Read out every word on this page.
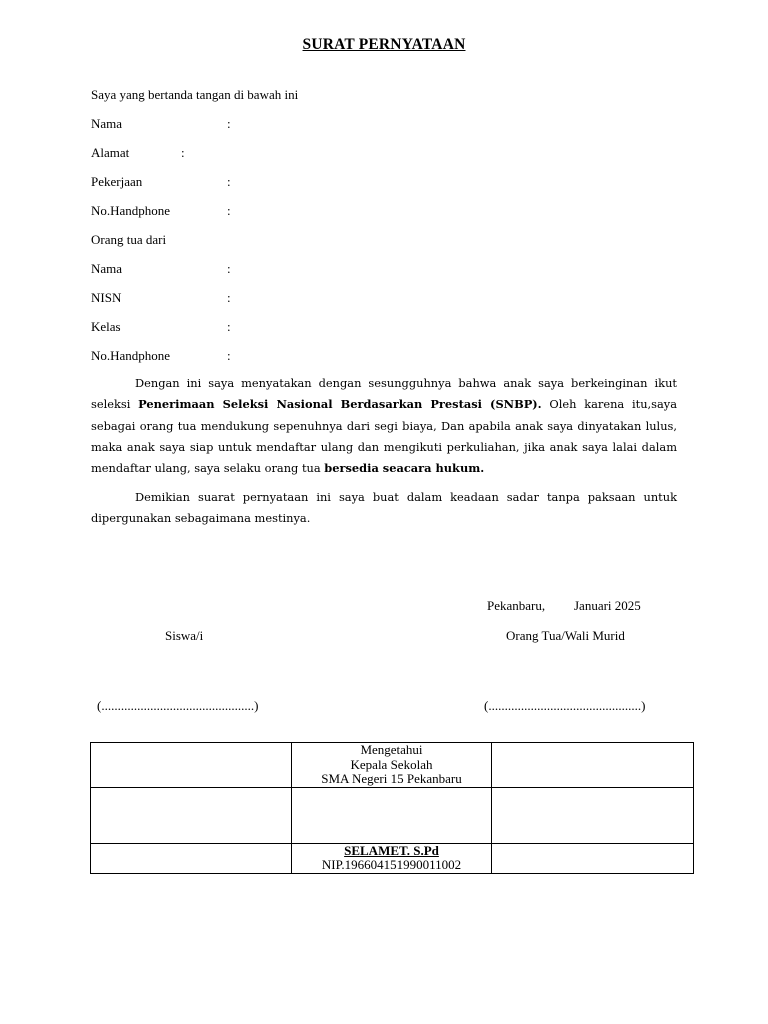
SURAT PERNYATAAN
Saya yang bertanda tangan di bawah ini
Nama	:
Alamat	:
Pekerjaan	:
No.Handphone	:
Orang tua dari
Nama	:
NISN	:
Kelas	:
No.Handphone	:
Dengan ini saya menyatakan dengan sesungguhnya bahwa anak saya berkeinginan ikut seleksi Penerimaan Seleksi Nasional Berdasarkan Prestasi (SNBP). Oleh karena itu,saya sebagai orang tua mendukung sepenuhnya dari segi biaya, Dan apabila anak saya dinyatakan lulus, maka anak saya siap untuk mendaftar ulang dan mengikuti perkuliahan, jika anak saya lalai dalam mendaftar ulang, saya selaku orang tua bersedia seacara hukum.
Demikian suarat pernyataan ini saya buat dalam keadaan sadar tanpa paksaan untuk dipergunakan sebagaimana mestinya.
Pekanbaru, Januari 2025
Siswa/i	Orang Tua/Wali Murid
(...............................................)	(...............................................)

	Mengetahui
Kepala Sekolah
SMA Negeri 15 Pekanbaru	

	SELAMET. S.Pd
NIP.196604151990011002	
